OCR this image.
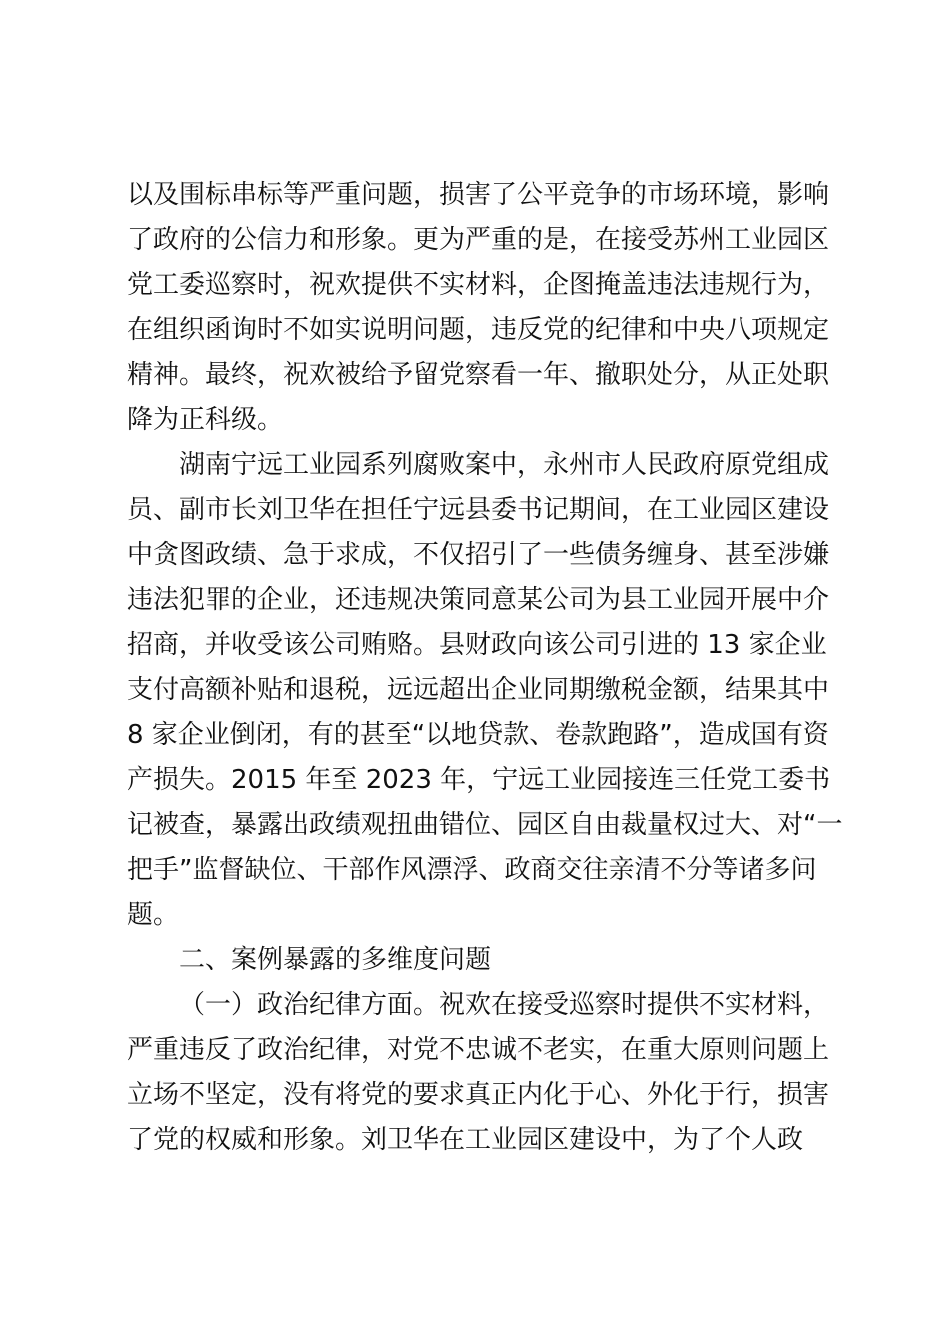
以及围标串标等严重问题，损害了公平竞争的市场环境，影响
了政府的公信力和形象。更为严重的是，在接受苏州工业园区
党工委巡察时，祝欢提供不实材料，企图掩盖违法违规行为，
在组织函询时不如实说明问题，违反党的纪律和中央八项规定
精神。最终，祝欢被给予留党察看一年、撤职处分，从正处职
降为正科级。
湖南宁远工业园系列腐败案中，永州市人民政府原党组成
员、副市长刘卫华在担任宁远县委书记期间，在工业园区建设
中贪图政绩、急于求成，不仅招引了一些债务缠身、甚至涉嫌
违法犯罪的企业，还违规决策同意某公司为县工业园开展中介
招商，并收受该公司贿赂。县财政向该公司引进的 13 家企业
支付高额补贴和退税，远远超出企业同期缴税金额，结果其中
8 家企业倒闭，有的甚至“以地贷款、卷款跑路”，造成国有资
产损失。2015 年至 2023 年，宁远工业园接连三任党工委书
记被查，暴露出政绩观扭曲错位、园区自由裁量权过大、对“一
把手”监督缺位、干部作风漂浮、政商交往亲清不分等诸多问
题。
二、案例暴露的多维度问题
（一）政治纪律方面。祝欢在接受巡察时提供不实材料，
严重违反了政治纪律，对党不忠诚不老实，在重大原则问题上
立场不坚定，没有将党的要求真正内化于心、外化于行，损害
了党的权威和形象。刘卫华在工业园区建设中，为了个人政
